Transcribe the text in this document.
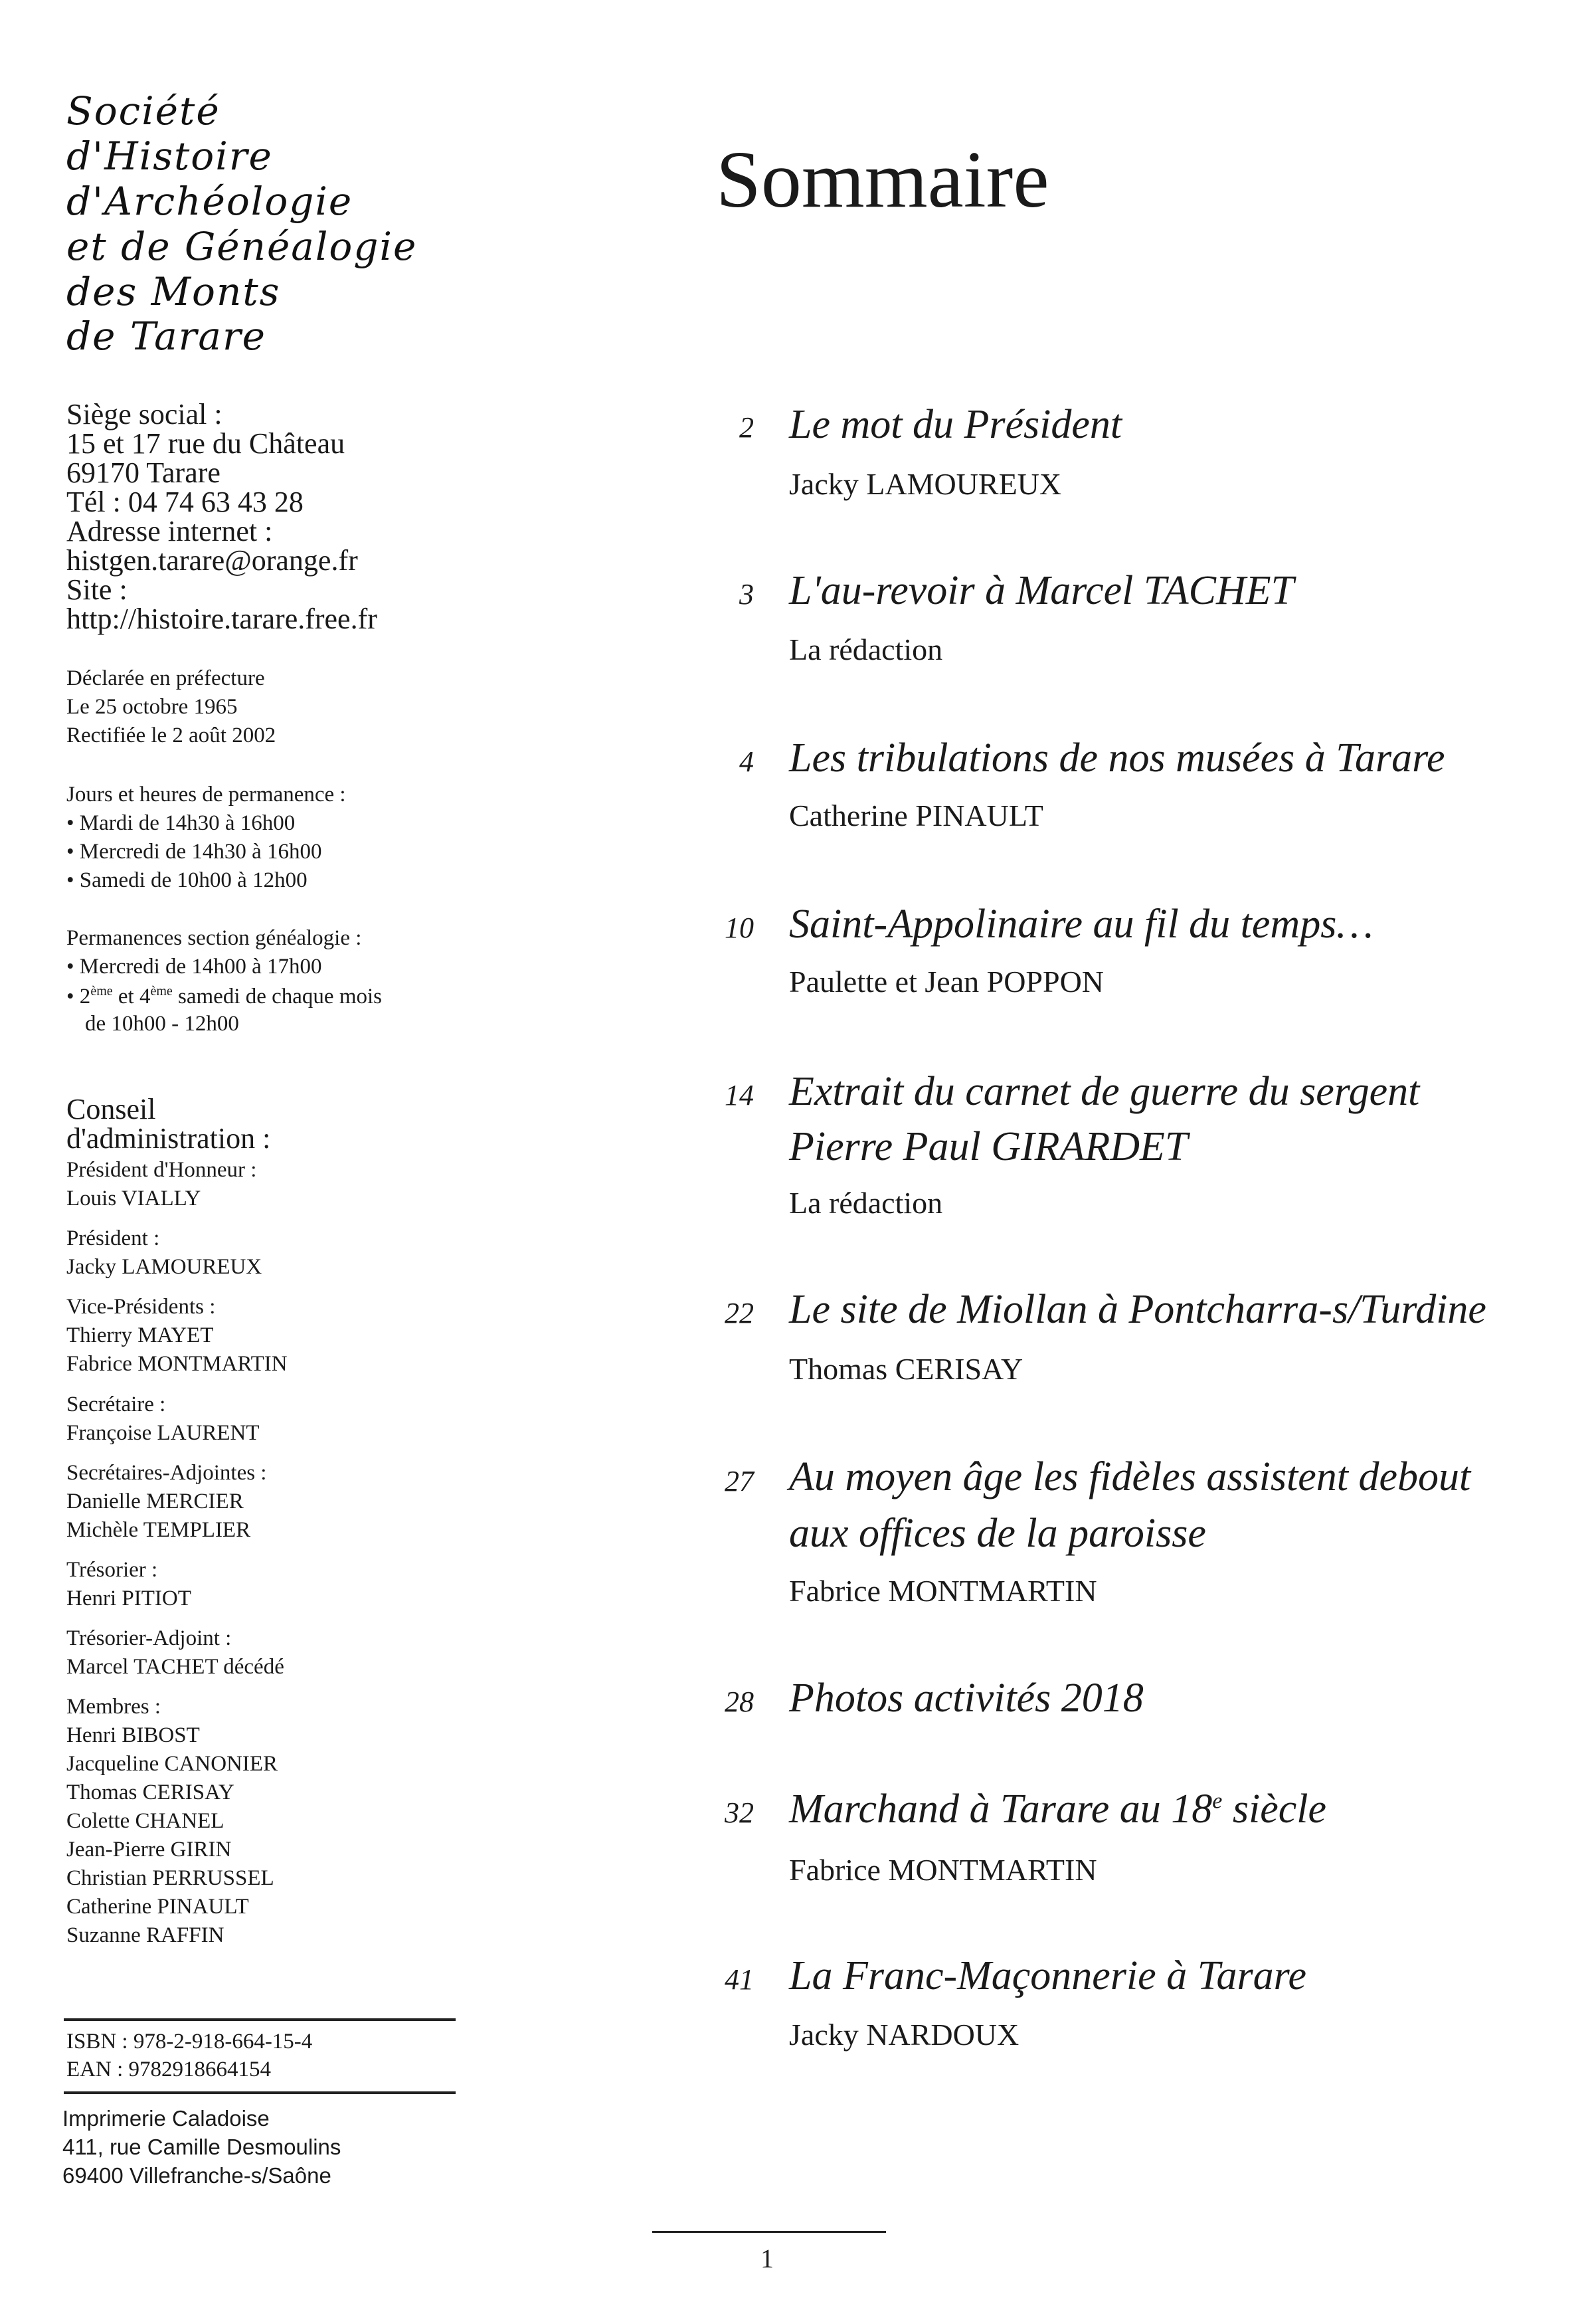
Société
d'Histoire
d'Archéologie
et de Généalogie
des Monts
de Tarare
Siège social :
15 et 17 rue du Château
69170 Tarare
Tél : 04 74 63 43 28
Adresse internet :
histgen.tarare@orange.fr
Site :
http://histoire.tarare.free.fr
Déclarée en préfecture
Le 25 octobre 1965
Rectifiée le 2 août 2002
Jours et heures de permanence :
• Mardi de 14h30 à 16h00
• Mercredi de 14h30 à 16h00
• Samedi de 10h00 à 12h00
Permanences section généalogie :
• Mercredi de 14h00 à 17h00
• 2ème et 4ème samedi de chaque mois
de 10h00 - 12h00
Conseil
d'administration :
Président d'Honneur :
Louis VIALLY
Président :
Jacky LAMOUREUX
Vice-Présidents :
Thierry MAYET
Fabrice MONTMARTIN
Secrétaire :
Françoise LAURENT
Secrétaires-Adjointes :
Danielle MERCIER
Michèle TEMPLIER
Trésorier :
Henri PITIOT
Trésorier-Adjoint :
Marcel TACHET décédé
Membres :
Henri BIBOST
Jacqueline CANONIER
Thomas CERISAY
Colette CHANEL
Jean-Pierre GIRIN
Christian PERRUSSEL
Catherine PINAULT
Suzanne RAFFIN
ISBN : 978-2-918-664-15-4
EAN : 9782918664154
Imprimerie Caladoise
411, rue Camille Desmoulins
69400 Villefranche-s/Saône
Sommaire
2 Le mot du Président
Jacky LAMOUREUX
3 L'au-revoir à Marcel TACHET
La rédaction
4 Les tribulations de nos musées à Tarare
Catherine PINAULT
10 Saint-Appolinaire au fil du temps…
Paulette et Jean POPPON
14 Extrait du carnet de guerre du sergent
Pierre Paul GIRARDET
La rédaction
22 Le site de Miollan à Pontcharra-s/Turdine
Thomas CERISAY
27 Au moyen âge les fidèles assistent debout
aux offices de la paroisse
Fabrice MONTMARTIN
28 Photos activités 2018
32 Marchand à Tarare au 18e siècle
Fabrice MONTMARTIN
41 La Franc-Maçonnerie à Tarare
Jacky NARDOUX
1
